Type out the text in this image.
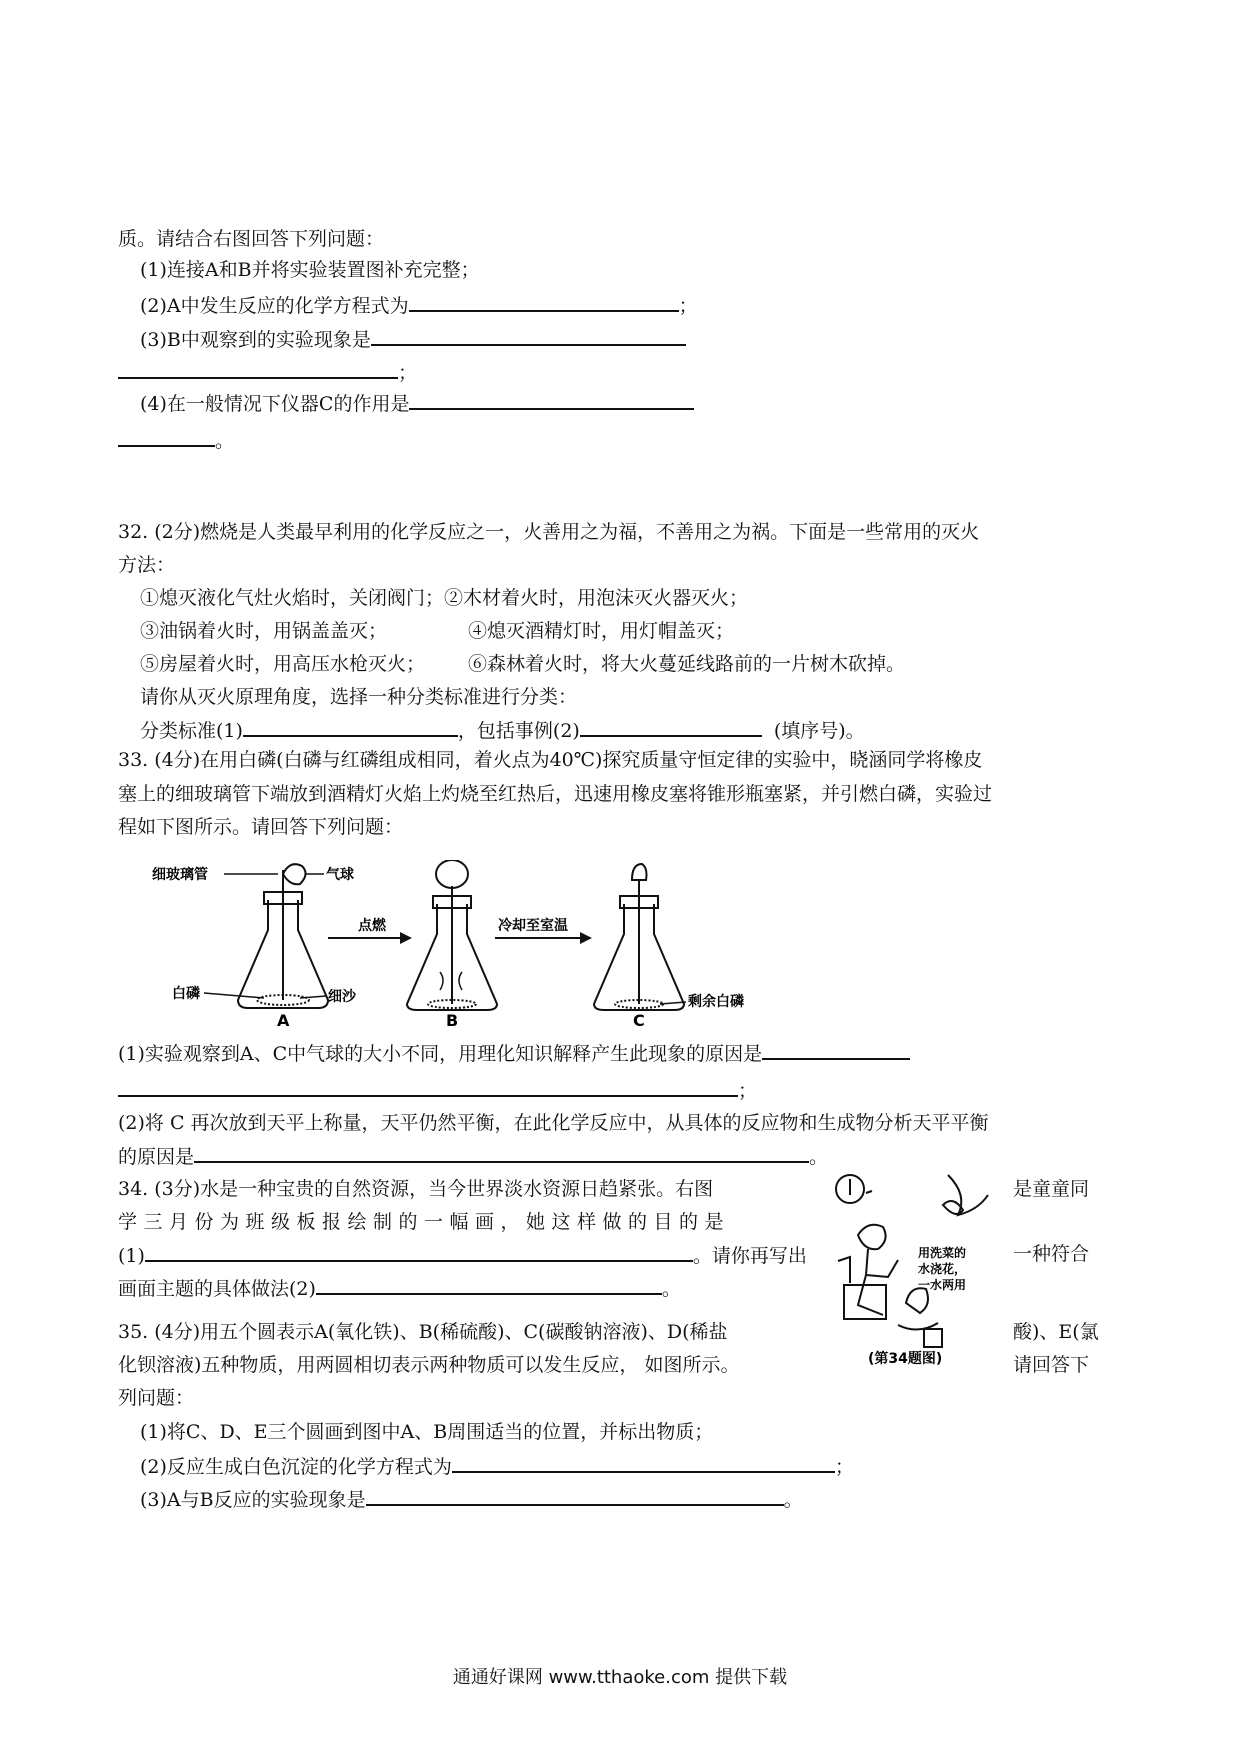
质。请结合右图回答下列问题：
(1)连接A和B并将实验装置图补充完整；
(2)A中发生反应的化学方程式为	；
(3)B中观察到的实验现象是
；
(4)在一般情况下仪器C的作用是
。
32. (2分)燃烧是人类最早利用的化学反应之一，火善用之为福，不善用之为祸。下面是一些常用的灭火
方法：
①熄灭液化气灶火焰时，关闭阀门；②木材着火时，用泡沫灭火器灭火；
③油锅着火时，用锅盖盖灭；	④熄灭酒精灯时，用灯帽盖灭；
⑤房屋着火时，用高压水枪灭火； ⑥森林着火时，将大火蔓延线路前的一片树木砍掉。
请你从灭火原理角度，选择一种分类标准进行分类：
分类标准(1)	，包括事例(2)	(填序号)。
33. (4分)在用白磷(白磷与红磷组成相同，着火点为40℃)探究质量守恒定律的实验中，晓涵同学将橡皮
塞上的细玻璃管下端放到酒精灯火焰上灼烧至红热后，迅速用橡皮塞将锥形瓶塞紧，并引燃白磷，实验过
程如下图所示。请回答下列问题：
细玻璃管	气球
白磷	细沙
A
点燃
B
冷却至室温
剩余白磷
C
(1)实验观察到A、C中气球的大小不同，用理化知识解释产生此现象的原因是
；
(2)将 C 再次放到天平上称量，天平仍然平衡，在此化学反应中，从具体的反应物和生成物分析天平平衡
的原因是	。
34. (3分)水是一种宝贵的自然资源，当今世界淡水资源日趋紧张。右图	是童童同
学三月份为班级板报绘制的一幅画，她这样做的目的是
(1)	。请你再写出	一种符合
画面主题的具体做法(2)	。
用洗菜的
水浇花，
一水两用
(第34题图)
35. (4分)用五个圆表示A(氧化铁)、B(稀硫酸)、C(碳酸钠溶液)、D(稀盐	酸)、E(氯
化钡溶液)五种物质，用两圆相切表示两种物质可以发生反应， 如图所示。	请回答下
列问题：
(1)将C、D、E三个圆画到图中A、B周围适当的位置，并标出物质；
(2)反应生成白色沉淀的化学方程式为	；
(3)A与B反应的实验现象是	。
通通好课网 www.tthaoke.com 提供下载
